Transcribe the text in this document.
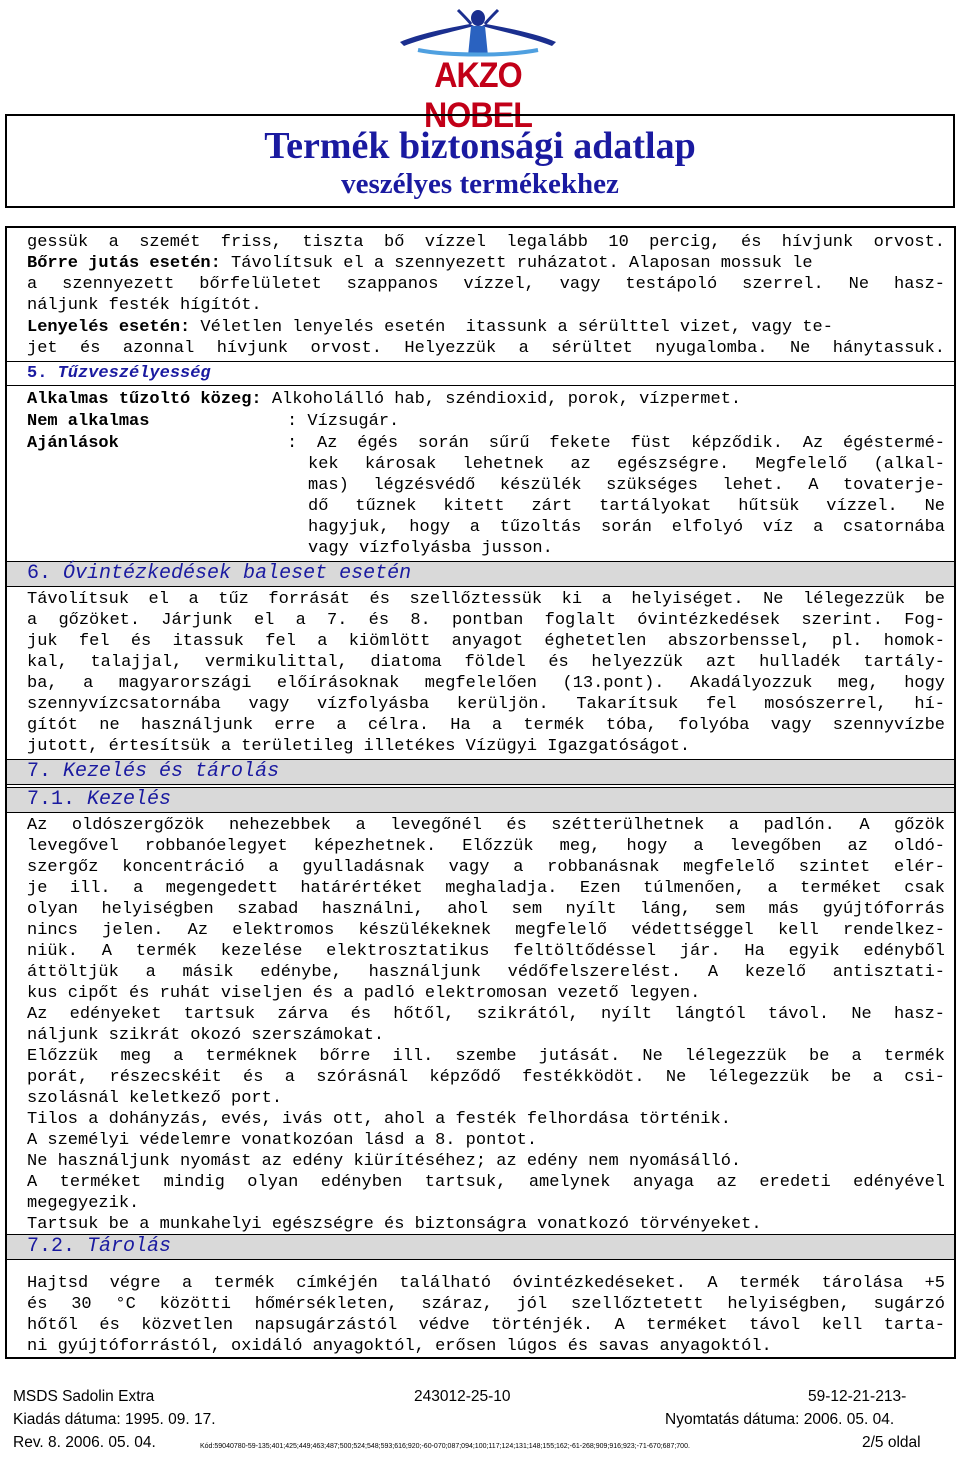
AKZO NOBEL
Termék biztonsági adatlap
veszélyes termékekhez
gessük a szemét friss, tiszta bő vízzel legalább 10 percig, és hívjunk orvost.
Bőrre jutás esetén: Távolítsuk el a szennyezett ruházatot. Alaposan mossuk le
a szennyezett bőrfelületet szappanos vízzel, vagy testápoló szerrel. Ne hasz-
náljunk festék hígítót.
Lenyelés esetén: Véletlen lenyelés esetén  itassunk a sérülttel vizet, vagy te-
jet és azonnal hívjunk orvost. Helyezzük a sérültet nyugalomba. Ne hánytassuk.
5. Tűzveszélyesség
Alkalmas tűzoltó közeg: Alkoholálló hab, széndioxid, porok, vízpermet.
Nem alkalmas	: Vízsugár.
Ajánlások	: Az égés során sűrű fekete füst képződik. Az égéstermé-
kek károsak lehetnek az egészségre. Megfelelő (alkal-
mas) légzésvédő készülék szükséges lehet. A tovaterje-
dő tűznek kitett zárt tartályokat hűtsük vízzel. Ne
hagyjuk, hogy a tűzoltás során elfolyó víz a csatornába
vagy vízfolyásba jusson.
6. Óvintézkedések baleset esetén
Távolítsuk el a tűz forrását és szellőztessük ki a helyiséget. Ne lélegezzük be
a gőzöket. Járjunk el a 7. és 8. pontban foglalt óvintézkedések szerint. Fog-
juk fel és itassuk fel a kiömlött anyagot éghetetlen abszorbenssel, pl. homok-
kal, talajjal, vermikulittal, diatoma földel és helyezzük azt hulladék tartály-
ba, a magyarországi előírásoknak megfelelően (13.pont). Akadályozzuk meg, hogy
szennyvízcsatornába vagy vízfolyásba kerüljön. Takarítsuk fel mosószerrel, hí-
gítót ne használjunk erre a célra. Ha a termék tóba, folyóba vagy szennyvízbe
jutott, értesítsük a területileg illetékes Vízügyi Igazgatóságot.
7. Kezelés és tárolás
7.1. Kezelés
Az oldószergőzök nehezebbek a levegőnél és szétterülhetnek a padlón. A gőzök
levegővel robbanóelegyet képezhetnek. Előzzük meg, hogy a levegőben az oldó-
szergőz koncentráció a gyulladásnak vagy a robbanásnak megfelelő szintet elér-
je ill. a megengedett határértéket meghaladja. Ezen túlmenően, a terméket csak
olyan helyiségben szabad használni, ahol sem nyílt láng, sem más gyújtóforrás
nincs jelen. Az elektromos készülékeknek megfelelő védettséggel kell rendelkez-
niük. A termék kezelése elektrosztatikus feltöltődéssel jár. Ha egyik edényből
áttöltjük a másik edénybe, használjunk védőfelszerelést. A kezelő antisztati-
kus cipőt és ruhát viseljen és a padló elektromosan vezető legyen.
Az edényeket tartsuk zárva és hőtől, szikrától, nyílt lángtól távol. Ne hasz-
náljunk szikrát okozó szerszámokat.
Előzzük meg a terméknek bőrre ill. szembe jutását. Ne lélegezzük be a termék
porát, részecskéit és a szórásnál képződő festékködöt. Ne lélegezzük be a csi-
szolásnál keletkező port.
Tilos a dohányzás, evés, ivás ott, ahol a festék felhordása történik.
A személyi védelemre vonatkozóan lásd a 8. pontot.
Ne használjunk nyomást az edény kiürítéséhez; az edény nem nyomásálló.
A terméket mindig olyan edényben tartsuk, amelynek anyaga az eredeti edényével
megegyezik.
Tartsuk be a munkahelyi egészségre és biztonságra vonatkozó törvényeket.
7.2. Tárolás
Hajtsd végre a termék címkéjén található óvintézkedéseket. A termék tárolása +5
és 30 °C közötti hőmérsékleten, száraz, jól szellőztetett helyiségben, sugárzó
hőtől és közvetlen napsugárzástól védve történjék. A terméket távol kell tarta-
ni gyújtóforrástól, oxidáló anyagoktól, erősen lúgos és savas anyagoktól.
MSDS Sadolin Extra	243012-25-10	59-12-21-213-
Kiadás dátuma: 1995. 09. 17.	Nyomtatás dátuma: 2006. 05. 04.
Rev. 8. 2006. 05. 04.	Kód:59040780-59-135;401;425;449;463;487;500;524;548;593;616;920;-60-070;087;094;100;117;124;131;148;155;162;-61-268;909;916;923;-71-670;687;700.	2/5 oldal
